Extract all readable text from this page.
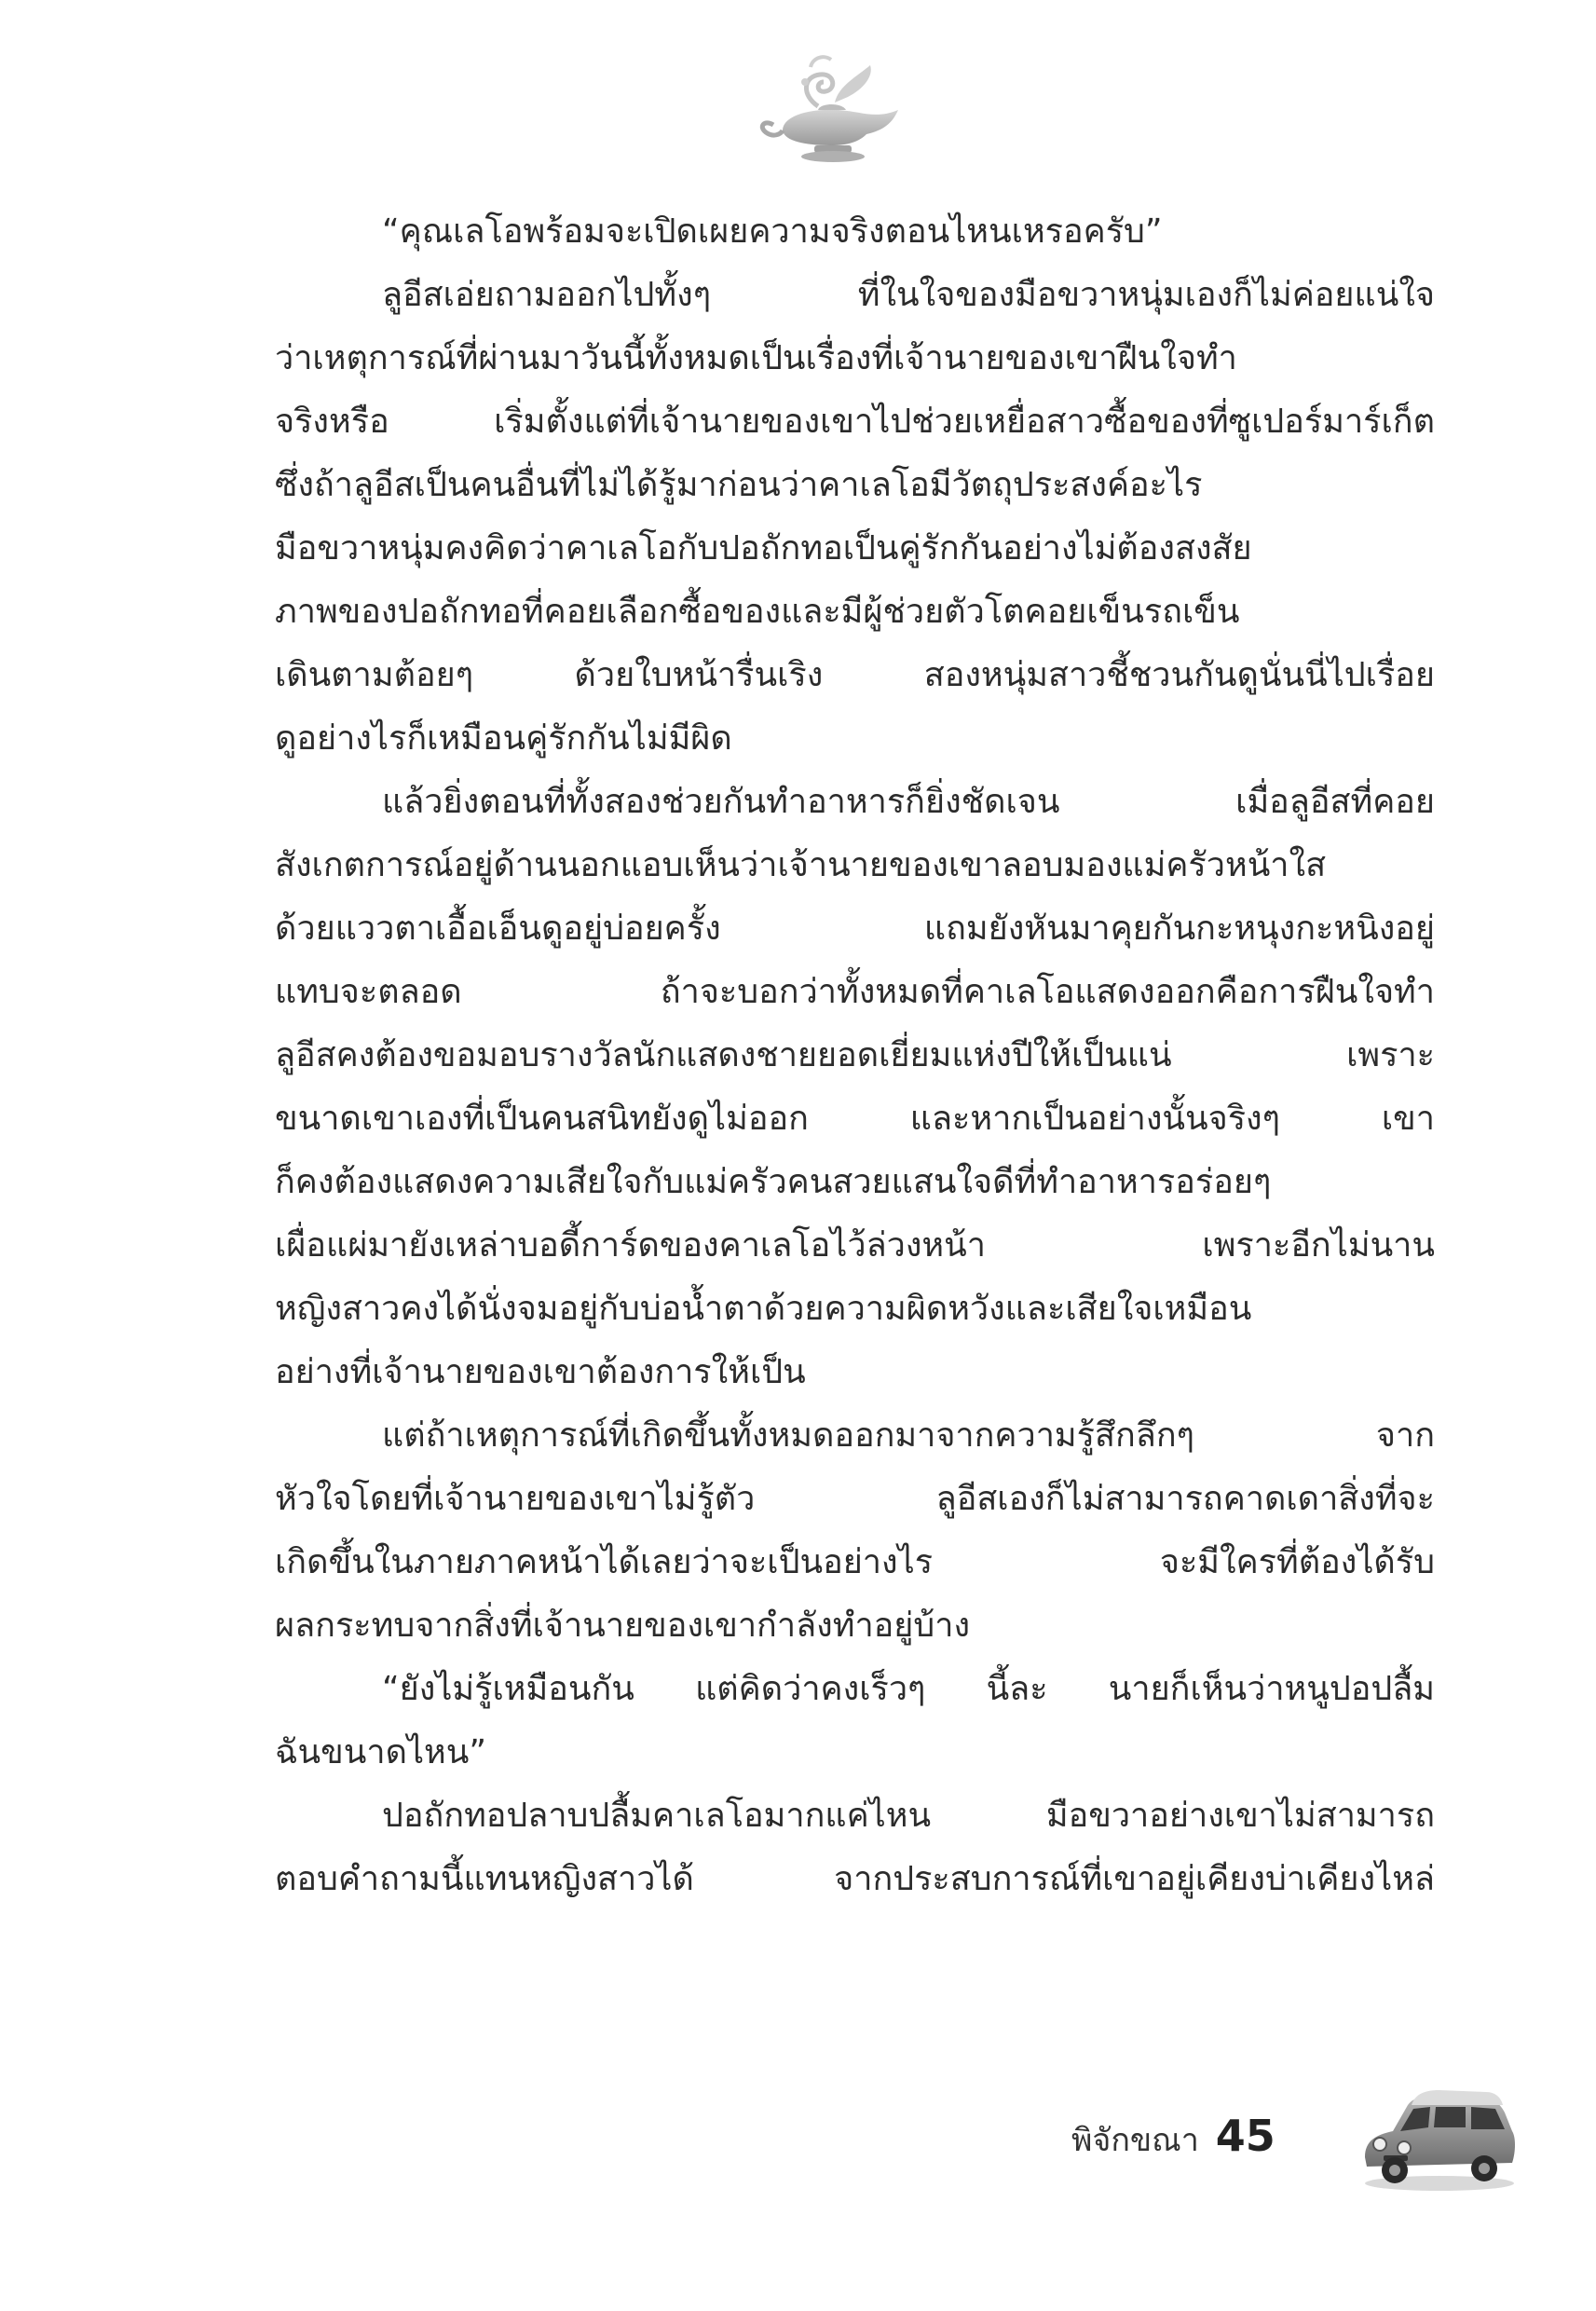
“คุณเลโอพร้อมจะเปิดเผยความจริงตอนไหนเหรอครับ”
ลูอีสเอ่ยถามออกไปทั้งๆ ที่ในใจของมือขวาหนุ่มเองก็ไม่ค่อยแน่ใจ
ว่าเหตุการณ์ที่ผ่านมาวันนี้ทั้งหมดเป็นเรื่องที่เจ้านายของเขาฝืนใจทำ
จริงหรือ เริ่มตั้งแต่ที่เจ้านายของเขาไปช่วยเหยื่อสาวซื้อของที่ซูเปอร์มาร์เก็ต
ซึ่งถ้าลูอีสเป็นคนอื่นที่ไม่ได้รู้มาก่อนว่าคาเลโอมีวัตถุประสงค์อะไร
มือขวาหนุ่มคงคิดว่าคาเลโอกับปอถักทอเป็นคู่รักกันอย่างไม่ต้องสงสัย
ภาพของปอถักทอที่คอยเลือกซื้อของและมีผู้ช่วยตัวโตคอยเข็นรถเข็น
เดินตามต้อยๆ ด้วยใบหน้ารื่นเริง สองหนุ่มสาวชี้ชวนกันดูนั่นนี่ไปเรื่อย
ดูอย่างไรก็เหมือนคู่รักกันไม่มีผิด
แล้วยิ่งตอนที่ทั้งสองช่วยกันทำอาหารก็ยิ่งชัดเจน เมื่อลูอีสที่คอย
สังเกตการณ์อยู่ด้านนอกแอบเห็นว่าเจ้านายของเขาลอบมองแม่ครัวหน้าใส
ด้วยแววตาเอื้อเอ็นดูอยู่บ่อยครั้ง แถมยังหันมาคุยกันกะหนุงกะหนิงอยู่
แทบจะตลอด ถ้าจะบอกว่าทั้งหมดที่คาเลโอแสดงออกคือการฝืนใจทำ
ลูอีสคงต้องขอมอบรางวัลนักแสดงชายยอดเยี่ยมแห่งปีให้เป็นแน่ เพราะ
ขนาดเขาเองที่เป็นคนสนิทยังดูไม่ออก และหากเป็นอย่างนั้นจริงๆ เขา
ก็คงต้องแสดงความเสียใจกับแม่ครัวคนสวยแสนใจดีที่ทำอาหารอร่อยๆ
เผื่อแผ่มายังเหล่าบอดี้การ์ดของคาเลโอไว้ล่วงหน้า เพราะอีกไม่นาน
หญิงสาวคงได้นั่งจมอยู่กับบ่อน้ำตาด้วยความผิดหวังและเสียใจเหมือน
อย่างที่เจ้านายของเขาต้องการให้เป็น
แต่ถ้าเหตุการณ์ที่เกิดขึ้นทั้งหมดออกมาจากความรู้สึกลึกๆ จาก
หัวใจโดยที่เจ้านายของเขาไม่รู้ตัว ลูอีสเองก็ไม่สามารถคาดเดาสิ่งที่จะ
เกิดขึ้นในภายภาคหน้าได้เลยว่าจะเป็นอย่างไร จะมีใครที่ต้องได้รับ
ผลกระทบจากสิ่งที่เจ้านายของเขากำลังทำอยู่บ้าง
“ยังไม่รู้เหมือนกัน แต่คิดว่าคงเร็วๆ นี้ละ นายก็เห็นว่าหนูปอปลื้ม
ฉันขนาดไหน”
ปอถักทอปลาบปลื้มคาเลโอมากแค่ไหน มือขวาอย่างเขาไม่สามารถ
ตอบคำถามนี้แทนหญิงสาวได้ จากประสบการณ์ที่เขาอยู่เคียงบ่าเคียงไหล่
พิจักขณา 45
